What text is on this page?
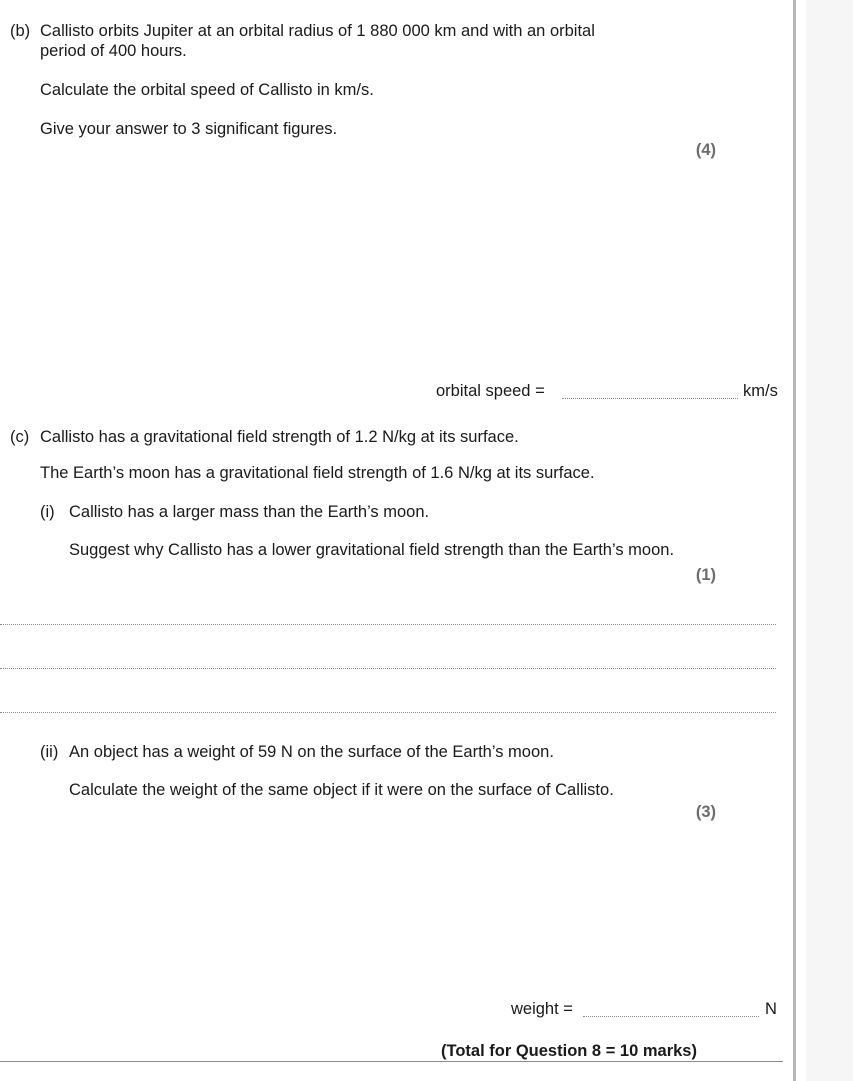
(b) Callisto orbits Jupiter at an orbital radius of 1 880 000 km and with an orbital
period of 400 hours.
Calculate the orbital speed of Callisto in km/s.
Give your answer to 3 significant figures.
(4)
orbital speed =	km/s
(c) Callisto has a gravitational field strength of 1.2 N/kg at its surface.
The Earth’s moon has a gravitational field strength of 1.6 N/kg at its surface.
(i) Callisto has a larger mass than the Earth’s moon.
Suggest why Callisto has a lower gravitational field strength than the Earth’s moon.
(1)
(ii) An object has a weight of 59 N on the surface of the Earth’s moon.
Calculate the weight of the same object if it were on the surface of Callisto.
(3)
weight =	N
(Total for Question 8 = 10 marks)
